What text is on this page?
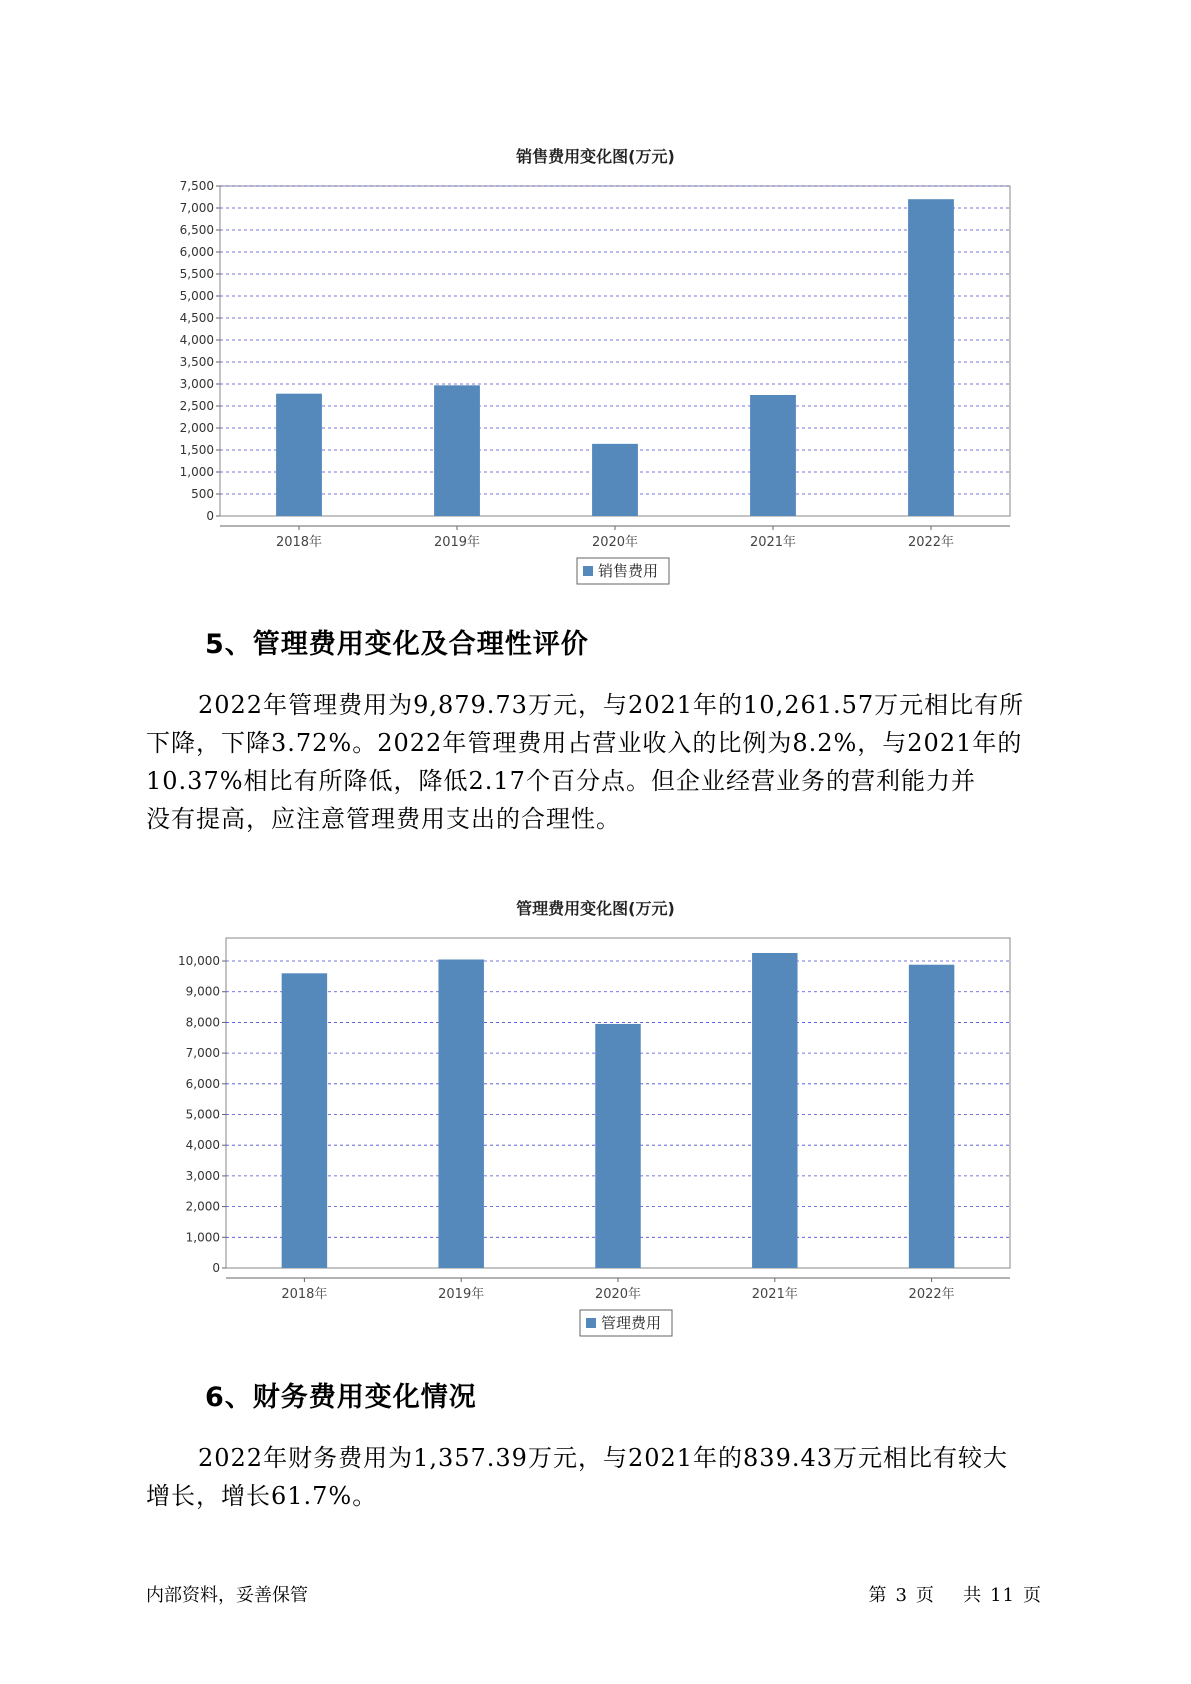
销售费用变化图(万元)
0
500
1,000
1,500
2,000
2,500
3,000
3,500
4,000
4,500
5,000
5,500
6,000
6,500
7,000
7,500
2018年	2019年	2020年	2021年	2022年
销售费用
5、管理费用变化及合理性评价

2022年管理费用为9,879.73万元，与2021年的10,261.57万元相比有所

下降，下降3.72%。2022年管理费用占营业收入的比例为8.2%，与2021年的

10.37%相比有所降低，降低2.17个百分点。但企业经营业务的营利能力并

没有提高，应注意管理费用支出的合理性。

管理费用变化图(万元)
0
1,000
2,000
3,000
4,000
5,000
6,000
7,000
8,000
9,000
10,000
2018年	2019年	2020年	2021年	2022年
管理费用
6、财务费用变化情况

2022年财务费用为1,357.39万元，与2021年的839.43万元相比有较大

增长，增长61.7%。

内部资料，妥善保管	第 3 页 共 11 页
